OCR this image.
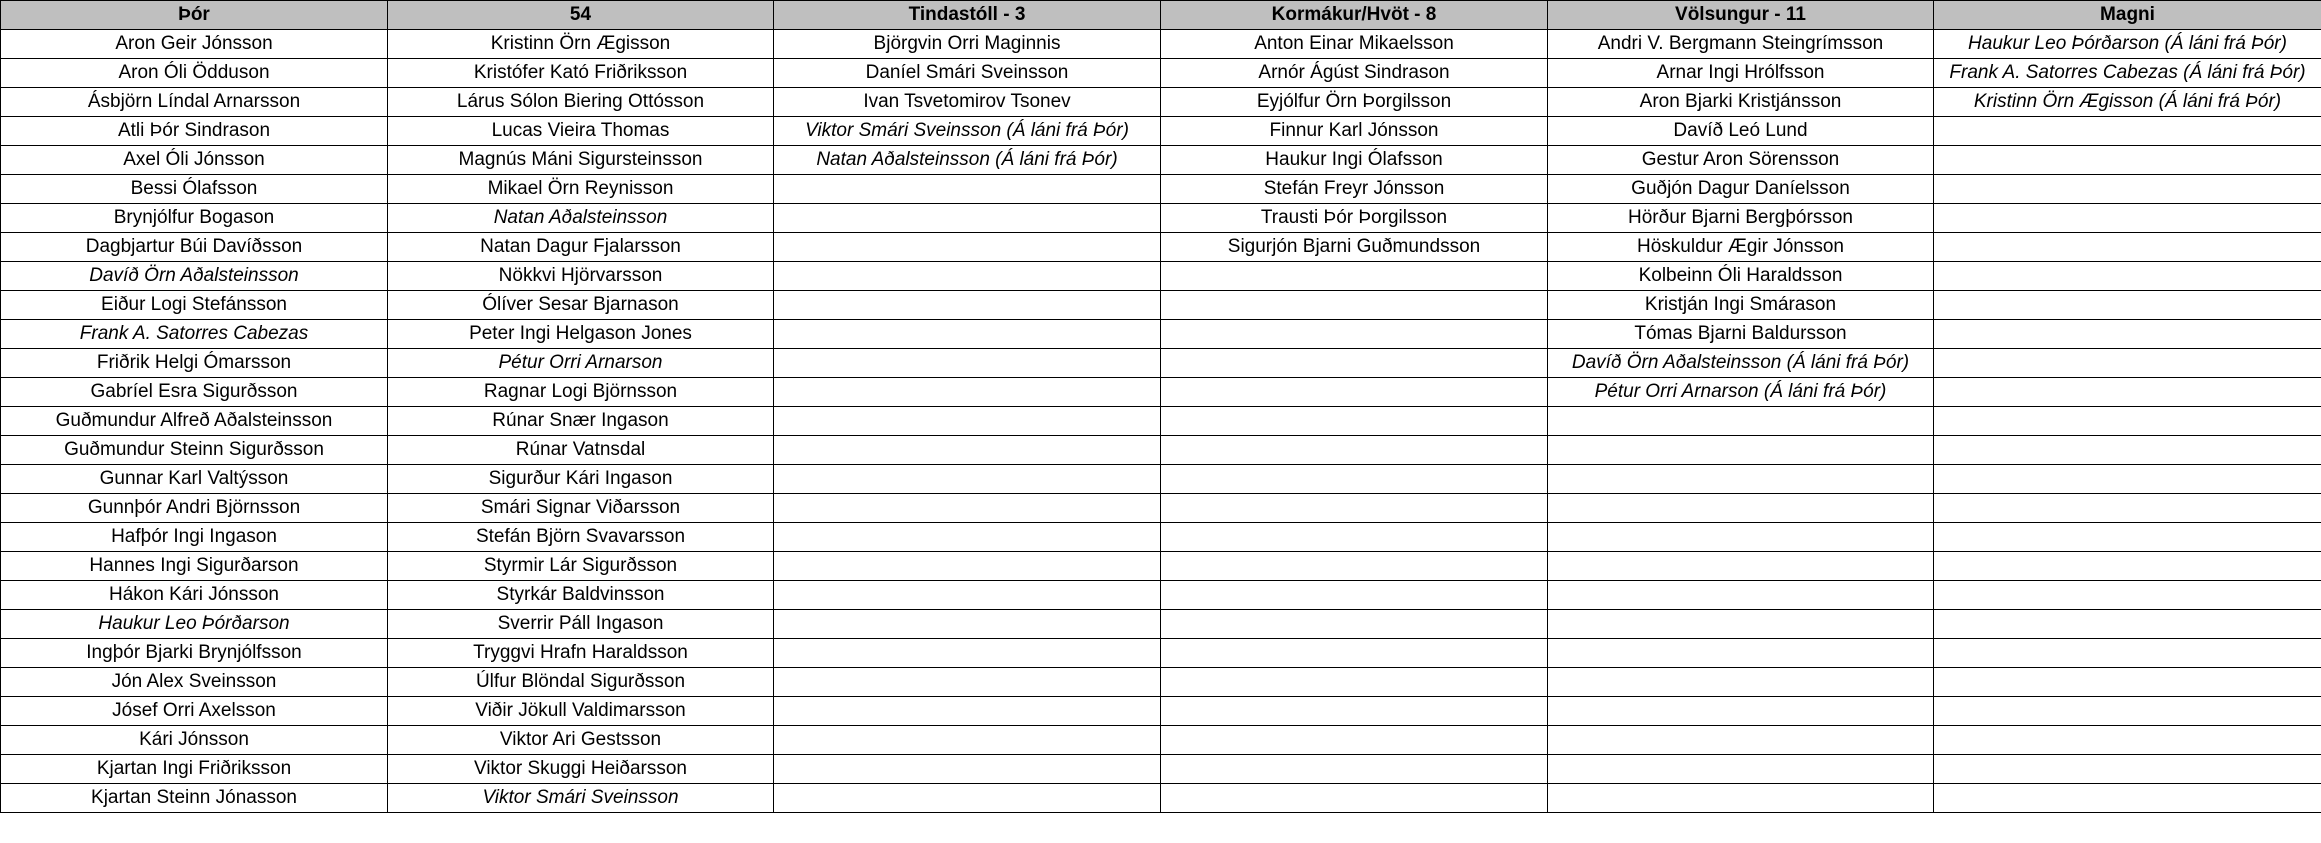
Þór	54	Tindastóll - 3	Kormákur/Hvöt - 8	Völsungur - 11	Magni
Aron Geir Jónsson	Kristinn Örn Ægisson	Björgvin Orri Maginnis	Anton Einar Mikaelsson	Andri V. Bergmann Steingrímsson	Haukur Leo Þórðarson (Á láni frá Þór)
Aron Óli Ödduson	Kristófer Kató Friðriksson	Daníel Smári Sveinsson	Arnór Ágúst Sindrason	Arnar Ingi Hrólfsson	Frank A. Satorres Cabezas (Á láni frá Þór)
Ásbjörn Líndal Arnarsson	Lárus Sólon Biering Ottósson	Ivan Tsvetomirov Tsonev	Eyjólfur Örn Þorgilsson	Aron Bjarki Kristjánsson	Kristinn Örn Ægisson (Á láni frá Þór)
Atli Þór Sindrason	Lucas Vieira Thomas	Viktor Smári Sveinsson (Á láni frá Þór)	Finnur Karl Jónsson	Davíð Leó Lund	
Axel Óli Jónsson	Magnús Máni Sigursteinsson	Natan Aðalsteinsson (Á láni frá Þór)	Haukur Ingi Ólafsson	Gestur Aron Sörensson	
Bessi Ólafsson	Mikael Örn Reynisson		Stefán Freyr Jónsson	Guðjón Dagur Daníelsson	
Brynjólfur Bogason	Natan Aðalsteinsson		Trausti Þór Þorgilsson	Hörður Bjarni Bergþórsson	
Dagbjartur Búi Davíðsson	Natan Dagur Fjalarsson		Sigurjón Bjarni Guðmundsson	Höskuldur Ægir Jónsson	
Davíð Örn Aðalsteinsson	Nökkvi Hjörvarsson			Kolbeinn Óli Haraldsson	
Eiður Logi Stefánsson	Ólíver Sesar Bjarnason			Kristján Ingi Smárason	
Frank A. Satorres Cabezas	Peter Ingi Helgason Jones			Tómas Bjarni Baldursson	
Friðrik Helgi Ómarsson	Pétur Orri Arnarson			Davíð Örn Aðalsteinsson (Á láni frá Þór)	
Gabríel Esra Sigurðsson	Ragnar Logi Björnsson			Pétur Orri Arnarson (Á láni frá Þór)	
Guðmundur Alfreð Aðalsteinsson	Rúnar Snær Ingason				
Guðmundur Steinn Sigurðsson	Rúnar Vatnsdal				
Gunnar Karl Valtýsson	Sigurður Kári Ingason				
Gunnþór Andri Björnsson	Smári Signar Viðarsson				
Hafþór Ingi Ingason	Stefán Björn Svavarsson				
Hannes Ingi Sigurðarson	Styrmir Lár Sigurðsson				
Hákon Kári Jónsson	Styrkár Baldvinsson				
Haukur Leo Þórðarson	Sverrir Páll Ingason				
Ingþór Bjarki Brynjólfsson	Tryggvi Hrafn Haraldsson				
Jón Alex Sveinsson	Úlfur Blöndal Sigurðsson				
Jósef Orri Axelsson	Viðir Jökull Valdimarsson				
Kári Jónsson	Viktor Ari Gestsson				
Kjartan Ingi Friðriksson	Viktor Skuggi Heiðarsson				
Kjartan Steinn Jónasson	Viktor Smári Sveinsson				
